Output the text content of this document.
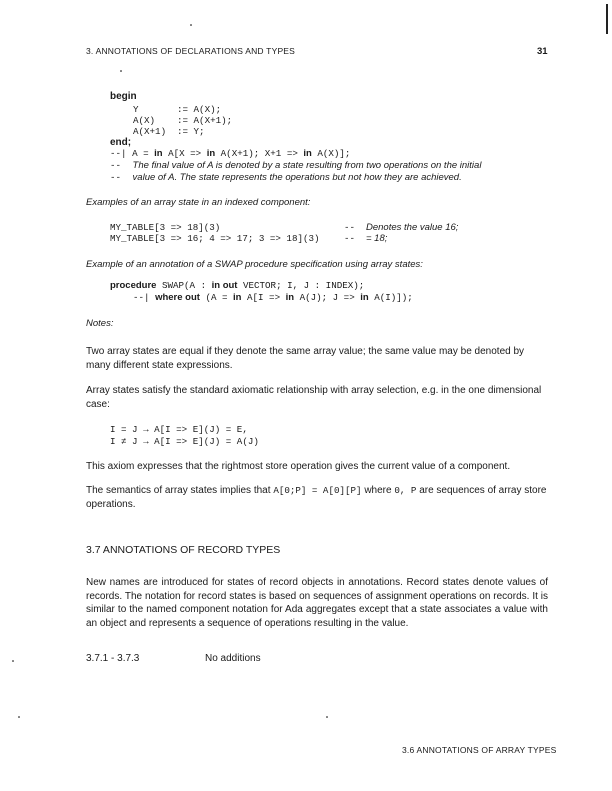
3. ANNOTATIONS OF DECLARATIONS AND TYPES	31
begin
Y	:= A(X);
A(X) := A(X+1);
A(X+1) := Y;
end;
--| A = in A[X => in A(X+1); X+1 => in A(X)];
-- The final value of A is denoted by a state resulting from two operations on the initial
-- value of A. The state represents the operations but not how they are achieved.
Examples of an array state in an indexed component:
MY_TABLE[3 => 18](3)	-- Denotes the value 16;
MY_TABLE[3 => 16; 4 => 17; 3 => 18](3)	-- = 18;
Example of an annotation of a SWAP procedure specification using array states:
procedure SWAP(A : in out VECTOR; I, J : INDEX);
--| where out (A = in A[I => in A(J); J => in A(I)]);
Notes:
Two array states are equal if they denote the same array value; the same value may be denoted by many different state expressions.
Array states satisfy the standard axiomatic relationship with array selection, e.g. in the one dimensional case:
I = J → A[I => E](J) = E,
I ≠ J → A[I => E](J) = A(J)
This axiom expresses that the rightmost store operation gives the current value of a component.
The semantics of array states implies that A[0;P] = A[0][P] where 0, P are sequences of array store operations.
3.7 ANNOTATIONS OF RECORD TYPES
New names are introduced for states of record objects in annotations. Record states denote values of records. The notation for record states is based on sequences of assignment operations on records. It is similar to the named component notation for Ada aggregates except that a state associates a value with an object and represents a sequence of operations resulting in the value.
3.7.1 - 3.7.3	No additions
3.6 ANNOTATIONS OF ARRAY TYPES
